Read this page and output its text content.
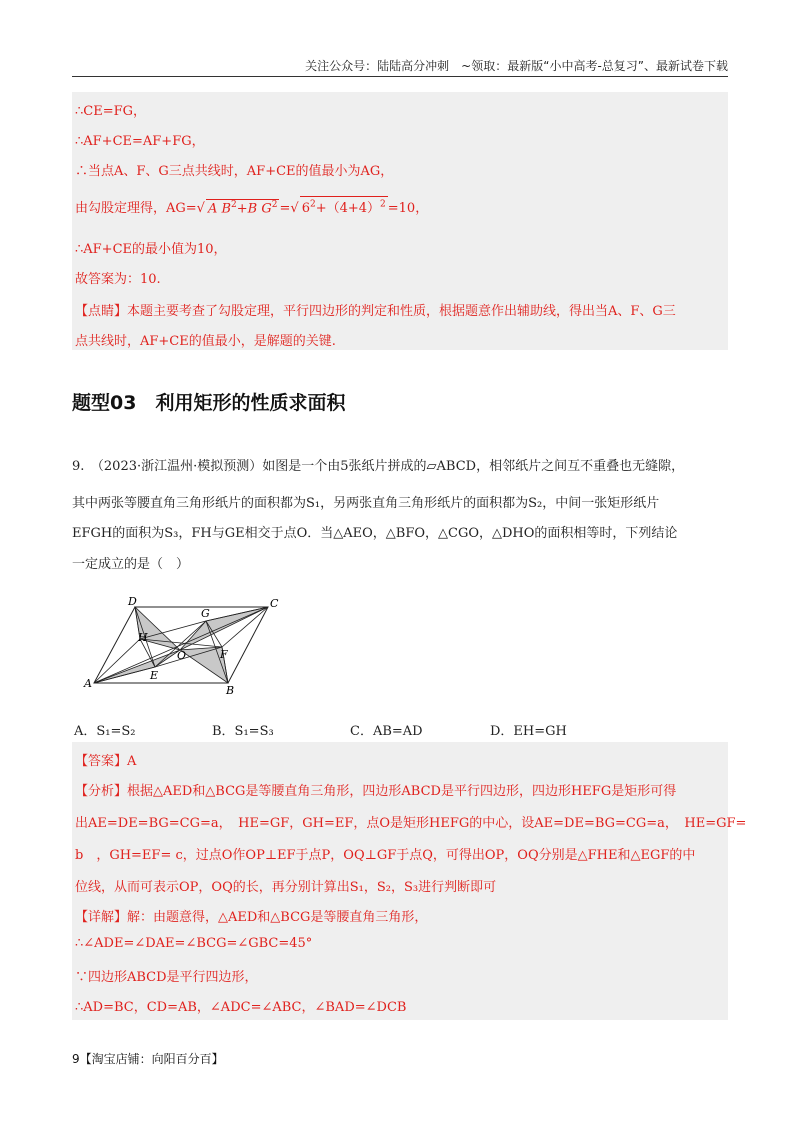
关注公众号：陆陆高分冲刺　~领取：最新版“小中高考-总复习”、最新试卷下载
∴CE=FG，
∴AF+CE=AF+FG，
∴当点A、F、G三点共线时，AF+CE的值最小为AG，
由勾股定理得，AG=√ A $B^2+B$ $G^2$ =√ $6^2+(4+4)^2 =10$，
∴AF+CE的最小值为10，
故答案为：10.
【点睛】本题主要考查了勾股定理，平行四边形的判定和性质，根据题意作出辅助线，得出当A、F、G三
点共线时，AF+CE的值最小，是解题的关键.
题型03　利用矩形的性质求面积
9.　（2023·浙江温州·模拟预测）如图是一个由5张纸片拼成的▱ABCD，相邻纸片之间互不重叠也无缝隙，
其中两张等腰直角三角形纸片的面积都为S₁，另两张直角三角形纸片的面积都为S₂，中间一张矩形纸片
EFGH的面积为S₃，FH与GE相交于点O．当△AEO，△BFO，△CGO，△DHO的面积相等时，下列结论
一定成立的是（　）
A
B
C
D
E
F
G
H
O
A．S₁=S₂	B．S₁=S₃	C．AB=AD	D．EH=GH
【答案】A
【分析】根据△AED和△BCG是等腰直角三角形，四边形ABCD是平行四边形，四边形HEFG是矩形可得
出AE=DE=BG=CG=a，　HE=GF，GH=EF，点O是矩形HEFG的中心，设AE=DE=BG=CG=a，　HE=GF=
b　，GH=EF= c，过点O作OP⊥EF于点P，OQ⊥GF于点Q，可得出OP，OQ分别是△FHE和△EGF的中
位线，从而可表示OP，OQ的长，再分别计算出S₁，S₂，S₃进行判断即可
【详解】解：由题意得，△AED和△BCG是等腰直角三角形，
∴∠ADE=∠DAE=∠BCG=∠GBC=45°
∵四边形ABCD是平行四边形，
∴AD=BC，CD=AB，∠ADC=∠ABC，∠BAD=∠DCB
9【淘宝店铺：向阳百分百】
